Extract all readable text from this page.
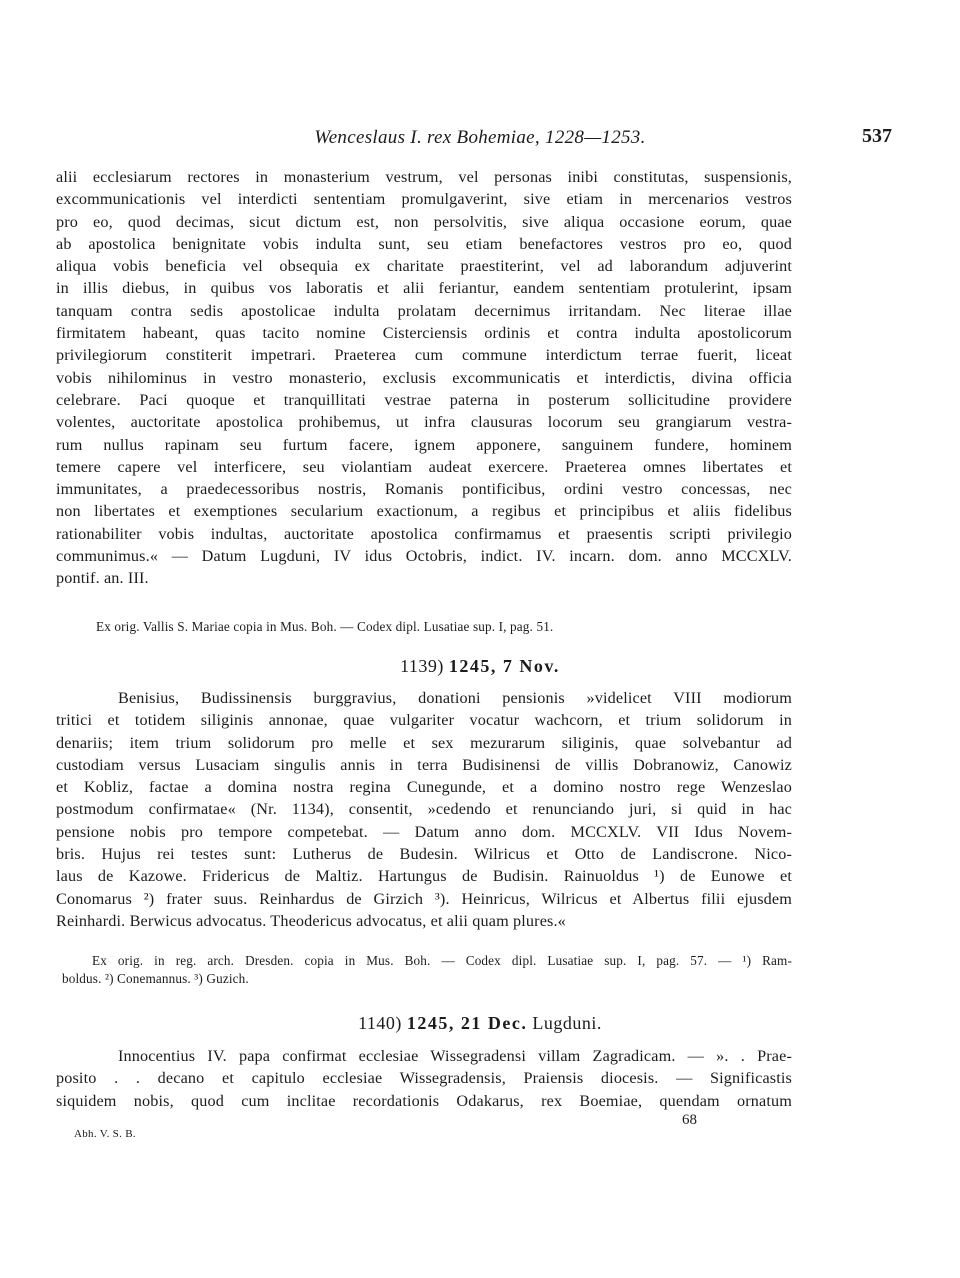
Wenceslaus I. rex Bohemiae, 1228—1253.	537
alii ecclesiarum rectores in monasterium vestrum, vel personas inibi constitutas, suspensionis,
excommunicationis vel interdicti sententiam promulgaverint, sive etiam in mercenarios vestros
pro eo, quod decimas, sicut dictum est, non persolvitis, sive aliqua occasione eorum, quae
ab apostolica benignitate vobis indulta sunt, seu etiam benefactores vestros pro eo, quod
aliqua vobis beneficia vel obsequia ex charitate praestiterint, vel ad laborandum adjuverint
in illis diebus, in quibus vos laboratis et alii feriantur, eandem sententiam protulerint, ipsam
tanquam contra sedis apostolicae indulta prolatam decernimus irritandam. Nec literae illae
firmitatem habeant, quas tacito nomine Cisterciensis ordinis et contra indulta apostolicorum
privilegiorum constiterit impetrari. Praeterea cum commune interdictum terrae fuerit, liceat
vobis nihilominus in vestro monasterio, exclusis excommunicatis et interdictis, divina officia
celebrare. Paci quoque et tranquillitati vestrae paterna in posterum sollicitudine providere
volentes, auctoritate apostolica prohibemus, ut infra clausuras locorum seu grangiarum vestra-
rum nullus rapinam seu furtum facere, ignem apponere, sanguinem fundere, hominem
temere capere vel interficere, seu violantiam audeat exercere. Praeterea omnes libertates et
immunitates, a praedecessoribus nostris, Romanis pontificibus, ordini vestro concessas, nec
non libertates et exemptiones secularium exactionum, a regibus et principibus et aliis fidelibus
rationabiliter vobis indultas, auctoritate apostolica confirmamus et praesentis scripti privilegio
communimus.« — Datum Lugduni, IV idus Octobris, indict. IV. incarn. dom. anno MCCXLV.
pontif. an. III.
Ex orig. Vallis S. Mariae copia in Mus. Boh. — Codex dipl. Lusatiae sup. I, pag. 51.
1139) 1245, 7 Nov.
Benisius, Budissinensis burggravius, donationi pensionis »videlicet VIII modiorum
tritici et totidem siliginis annonae, quae vulgariter vocatur wachcorn, et trium solidorum in
denariis; item trium solidorum pro melle et sex mezurarum siliginis, quae solvebantur ad
custodiam versus Lusaciam singulis annis in terra Budisinensi de villis Dobranowiz, Canowiz
et Kobliz, factae a domina nostra regina Cunegunde, et a domino nostro rege Wenzeslao
postmodum confirmatae« (Nr. 1134), consentit, »cedendo et renunciando juri, si quid in hac
pensione nobis pro tempore competebat. — Datum anno dom. MCCXLV. VII Idus Novem-
bris. Hujus rei testes sunt: Lutherus de Budesin. Wilricus et Otto de Landiscrone. Nico-
laus de Kazowe. Fridericus de Maltiz. Hartungus de Budisin. Rainuoldus ¹) de Eunowe et
Conomarus ²) frater suus. Reinhardus de Girzich ³). Heinricus, Wilricus et Albertus filii ejusdem
Reinhardi. Berwicus advocatus. Theodericus advocatus, et alii quam plures.«
Ex orig. in reg. arch. Dresden. copia in Mus. Boh. — Codex dipl. Lusatiae sup. I, pag. 57. — ¹) Ram-
boldus. ²) Conemannus. ³) Guzich.
1140) 1245, 21 Dec. Lugduni.
Innocentius IV. papa confirmat ecclesiae Wissegradensi villam Zagradicam. — ». . Prae-
posito . . decano et capitulo ecclesiae Wissegradensis, Praiensis diocesis. — Significastis
siquidem nobis, quod cum inclitae recordationis Odakarus, rex Boemiae, quendam ornatum
68
Abh. V. S. B.
